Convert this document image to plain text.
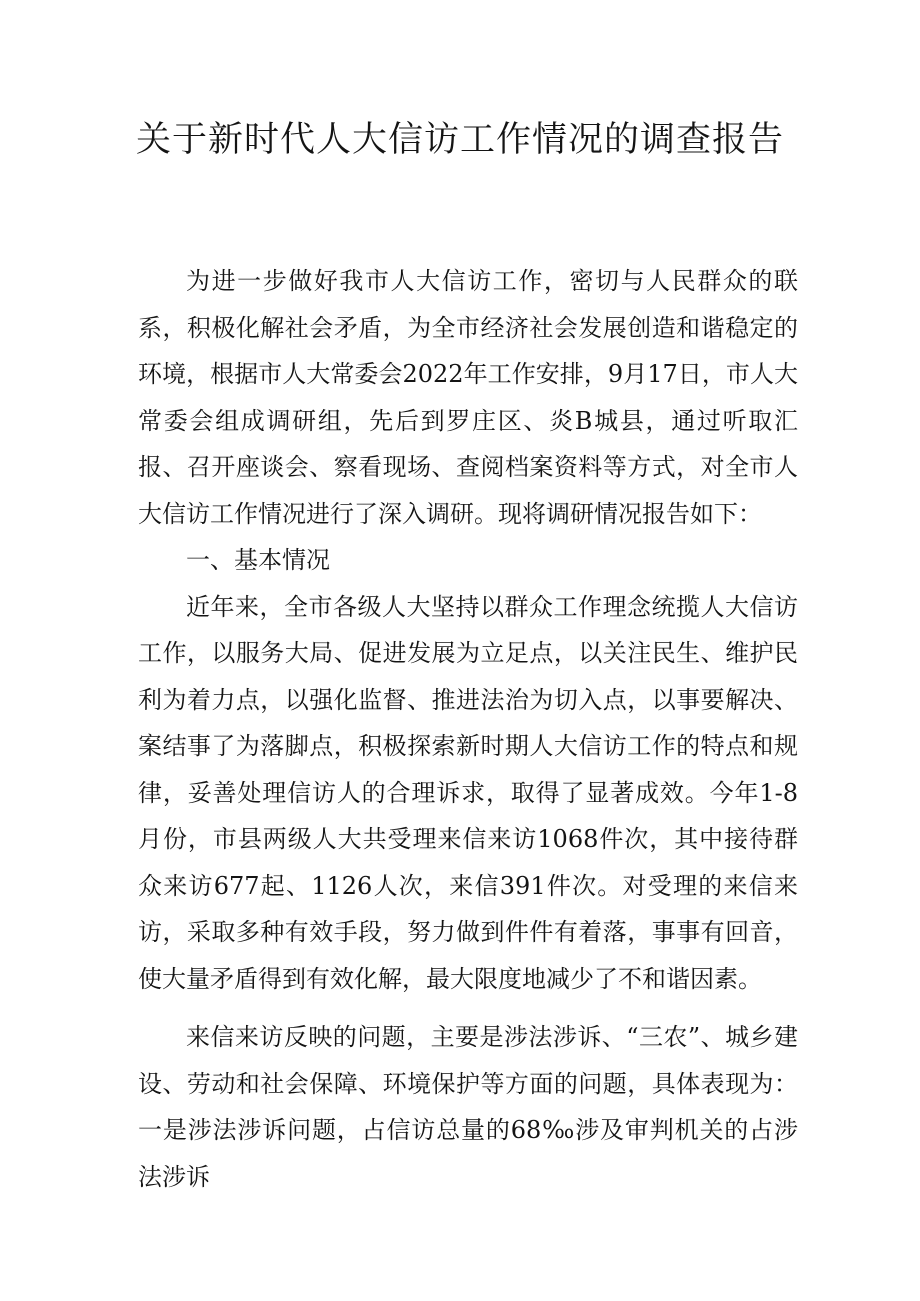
关于新时代人大信访工作情况的调查报告

为进一步做好我市人大信访工作，密切与人民群众的联系，积极化解社会矛盾，为全市经济社会发展创造和谐稳定的环境，根据市人大常委会2022年工作安排，9月17日，市人大常委会组成调研组，先后到罗庄区、炎B城县，通过听取汇报、召开座谈会、察看现场、查阅档案资料等方式，对全市人大信访工作情况进行了深入调研。现将调研情况报告如下：

一、基本情况

近年来，全市各级人大坚持以群众工作理念统揽人大信访工作，以服务大局、促进发展为立足点，以关注民生、维护民利为着力点，以强化监督、推进法治为切入点，以事要解决、案结事了为落脚点，积极探索新时期人大信访工作的特点和规律，妥善处理信访人的合理诉求，取得了显著成效。今年1-8月份，市县两级人大共受理来信来访1068件次，其中接待群众来访677起、1126人次，来信391件次。对受理的来信来访，采取多种有效手段，努力做到件件有着落，事事有回音，使大量矛盾得到有效化解，最大限度地减少了不和谐因素。

来信来访反映的问题，主要是涉法涉诉、“三农”、城乡建设、劳动和社会保障、环境保护等方面的问题，具体表现为：一是涉法涉诉问题，占信访总量的68‰涉及审判机关的占涉法涉诉
